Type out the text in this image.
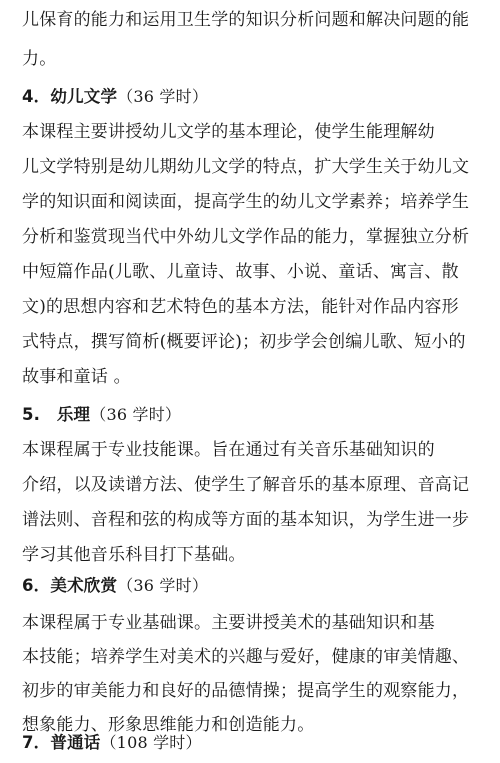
儿保育的能力和运用卫生学的知识分析问题和解决问题的能
力。
4．幼儿文学（36 学时）
本课程主要讲授幼儿文学的基本理论，使学生能理解幼
儿文学特别是幼儿期幼儿文学的特点，扩大学生关于幼儿文
学的知识面和阅读面，提高学生的幼儿文学素养；培养学生
分析和鉴赏现当代中外幼儿文学作品的能力，掌握独立分析
中短篇作品(儿歌、儿童诗、故事、小说、童话、寓言、散
文)的思想内容和艺术特色的基本方法，能针对作品内容形
式特点，撰写简析(概要评论)；初步学会创编儿歌、短小的
故事和童话 。
5.　乐理（36 学时）
本课程属于专业技能课。旨在通过有关音乐基础知识的
介绍，以及读谱方法、使学生了解音乐的基本原理、音高记
谱法则、音程和弦的构成等方面的基本知识，为学生进一步
学习其他音乐科目打下基础。
6．美术欣赏（36 学时）
本课程属于专业基础课。主要讲授美术的基础知识和基
本技能；培养学生对美术的兴趣与爱好，健康的审美情趣、
初步的审美能力和良好的品德情操；提高学生的观察能力，
想象能力、形象思维能力和创造能力。
7．普通话（108 学时）
